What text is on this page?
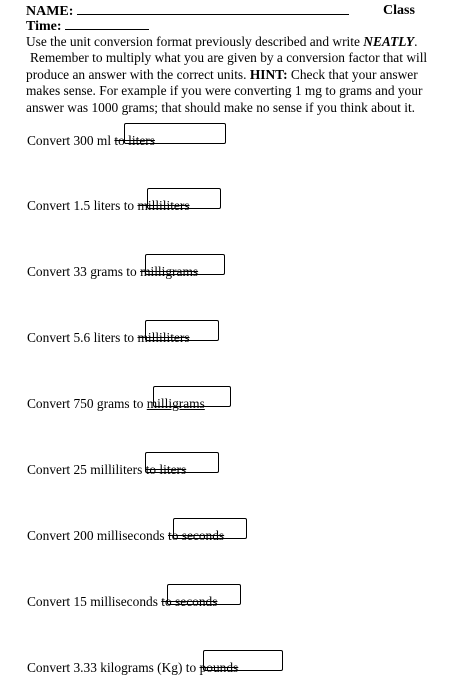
NAME:	Class
Time:
Use the unit conversion format previously described and write NEATLY.
Remember to multiply what you are given by a conversion factor that will
produce an answer with the correct units. HINT: Check that your answer
makes sense. For example if you were converting 1 mg to grams and your
answer was 1000 grams; that should make no sense if you think about it.
Convert 300 ml to liters
Convert 1.5 liters to milliliters
Convert 33 grams to milligrams
Convert 5.6 liters to milliliters
Convert 750 grams to milligrams
Convert 25 milliliters to liters
Convert 200 milliseconds to seconds
Convert 15 milliseconds to seconds
Convert 3.33 kilograms (Kg) to pounds
